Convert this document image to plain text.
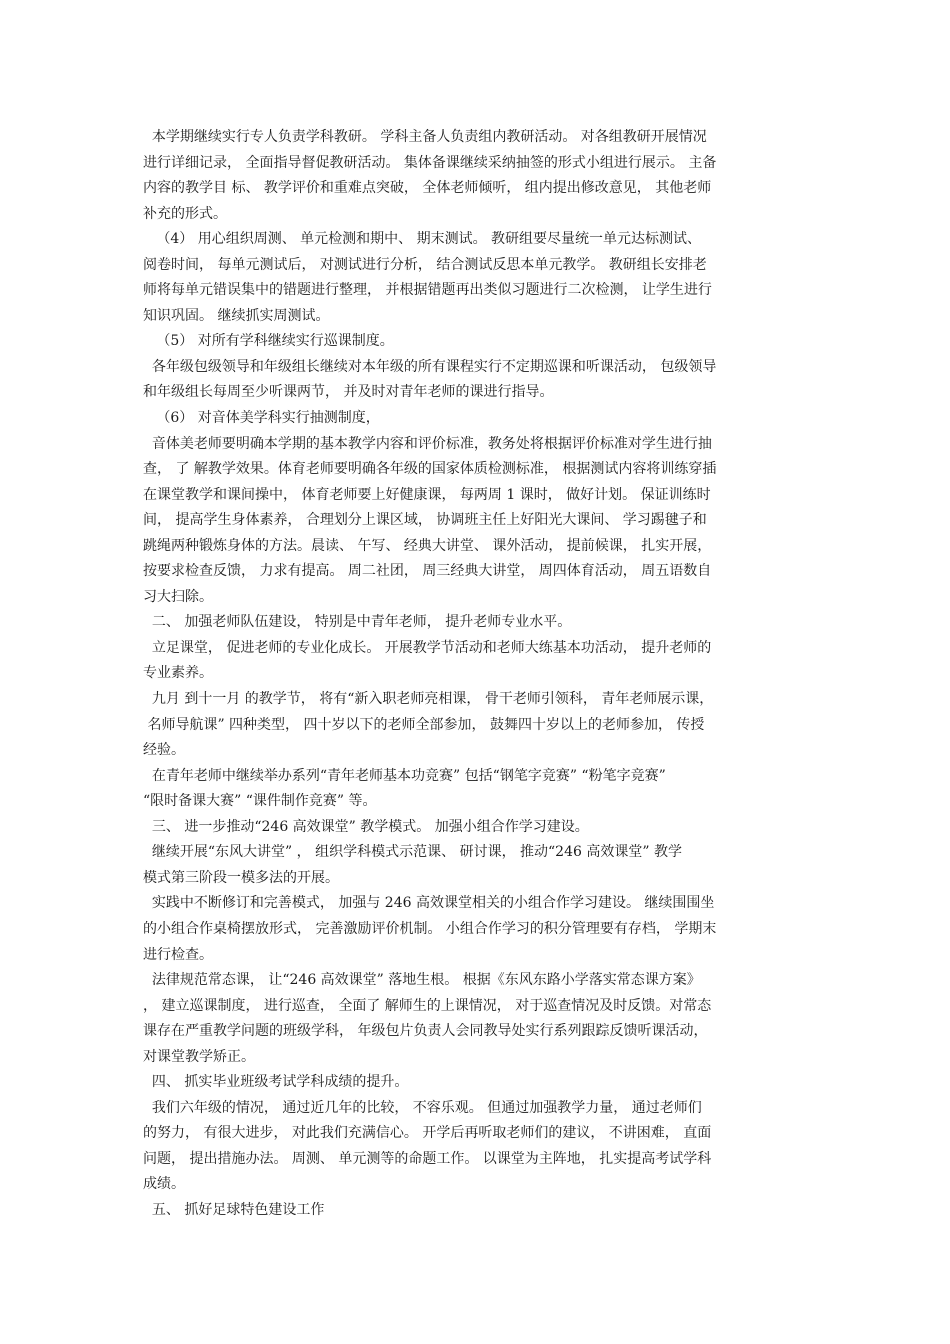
本学期继续实行专人负责学科教研。 学科主备人负责组内教研活动。 对各组教研开展情况
进行详细记录， 全面指导督促教研活动。 集体备课继续采纳抽签的形式小组进行展示。 主备
内容的教学目 标、 教学评价和重难点突破， 全体老师倾听， 组内提出修改意见， 其他老师
补充的形式。
（4） 用心组织周测、 单元检测和期中、 期末测试。 教研组要尽量统一单元达标测试、
阅卷时间， 每单元测试后， 对测试进行分析， 结合测试反思本单元教学。 教研组长安排老
师将每单元错误集中的错题进行整理， 并根据错题再出类似习题进行二次检测， 让学生进行
知识巩固。 继续抓实周测试。
（5） 对所有学科继续实行巡课制度。
各年级包级领导和年级组长继续对本年级的所有课程实行不定期巡课和听课活动， 包级领导
和年级组长每周至少听课两节， 并及时对青年老师的课进行指导。
（6） 对音体美学科实行抽测制度，
音体美老师要明确本学期的基本教学内容和评价标准，教务处将根据评价标准对学生进行抽
查， 了 解教学效果。体育老师要明确各年级的国家体质检测标准， 根据测试内容将训练穿插
在课堂教学和课间操中， 体育老师要上好健康课， 每两周 1 课时， 做好计划。 保证训练时
间， 提高学生身体素养， 合理划分上课区域， 协调班主任上好阳光大课间、 学习踢毽子和
跳绳两种锻炼身体的方法。晨读、 午写、 经典大讲堂、 课外活动， 提前候课， 扎实开展，
按要求检查反馈， 力求有提高。 周二社团， 周三经典大讲堂， 周四体育活动， 周五语数自
习大扫除。
二、 加强老师队伍建设， 特别是中青年老师， 提升老师专业水平。
立足课堂， 促进老师的专业化成长。 开展教学节活动和老师大练基本功活动， 提升老师的
专业素养。
九月 到十一月 的教学节， 将有“新入职老师亮相课， 骨干老师引领科， 青年老师展示课，
名师导航课” 四种类型， 四十岁以下的老师全部参加， 鼓舞四十岁以上的老师参加， 传授
经验。
在青年老师中继续举办系列“青年老师基本功竞赛” 包括“钢笔字竞赛” “粉笔字竞赛”
“限时备课大赛” “课件制作竞赛” 等。
三、 进一步推动“246 高效课堂” 教学模式。 加强小组合作学习建设。
继续开展“东风大讲堂” ， 组织学科模式示范课、 研讨课， 推动“246 高效课堂” 教学
模式第三阶段一模多法的开展。
实践中不断修订和完善模式， 加强与 246 高效课堂相关的小组合作学习建设。 继续围围坐
的小组合作桌椅摆放形式， 完善激励评价机制。 小组合作学习的积分管理要有存档， 学期末
进行检查。
法律规范常态课， 让“246 高效课堂” 落地生根。 根据《东风东路小学落实常态课方案》
， 建立巡课制度， 进行巡查， 全面了 解师生的上课情况， 对于巡查情况及时反馈。对常态
课存在严重教学问题的班级学科， 年级包片负责人会同教导处实行系列跟踪反馈听课活动，
对课堂教学矫正。
四、 抓实毕业班级考试学科成绩的提升。
我们六年级的情况， 通过近几年的比较， 不容乐观。 但通过加强教学力量， 通过老师们
的努力， 有很大进步， 对此我们充满信心。 开学后再听取老师们的建议， 不讲困难， 直面
问题， 提出措施办法。 周测、 单元测等的命题工作。 以课堂为主阵地， 扎实提高考试学科
成绩。
五、 抓好足球特色建设工作
